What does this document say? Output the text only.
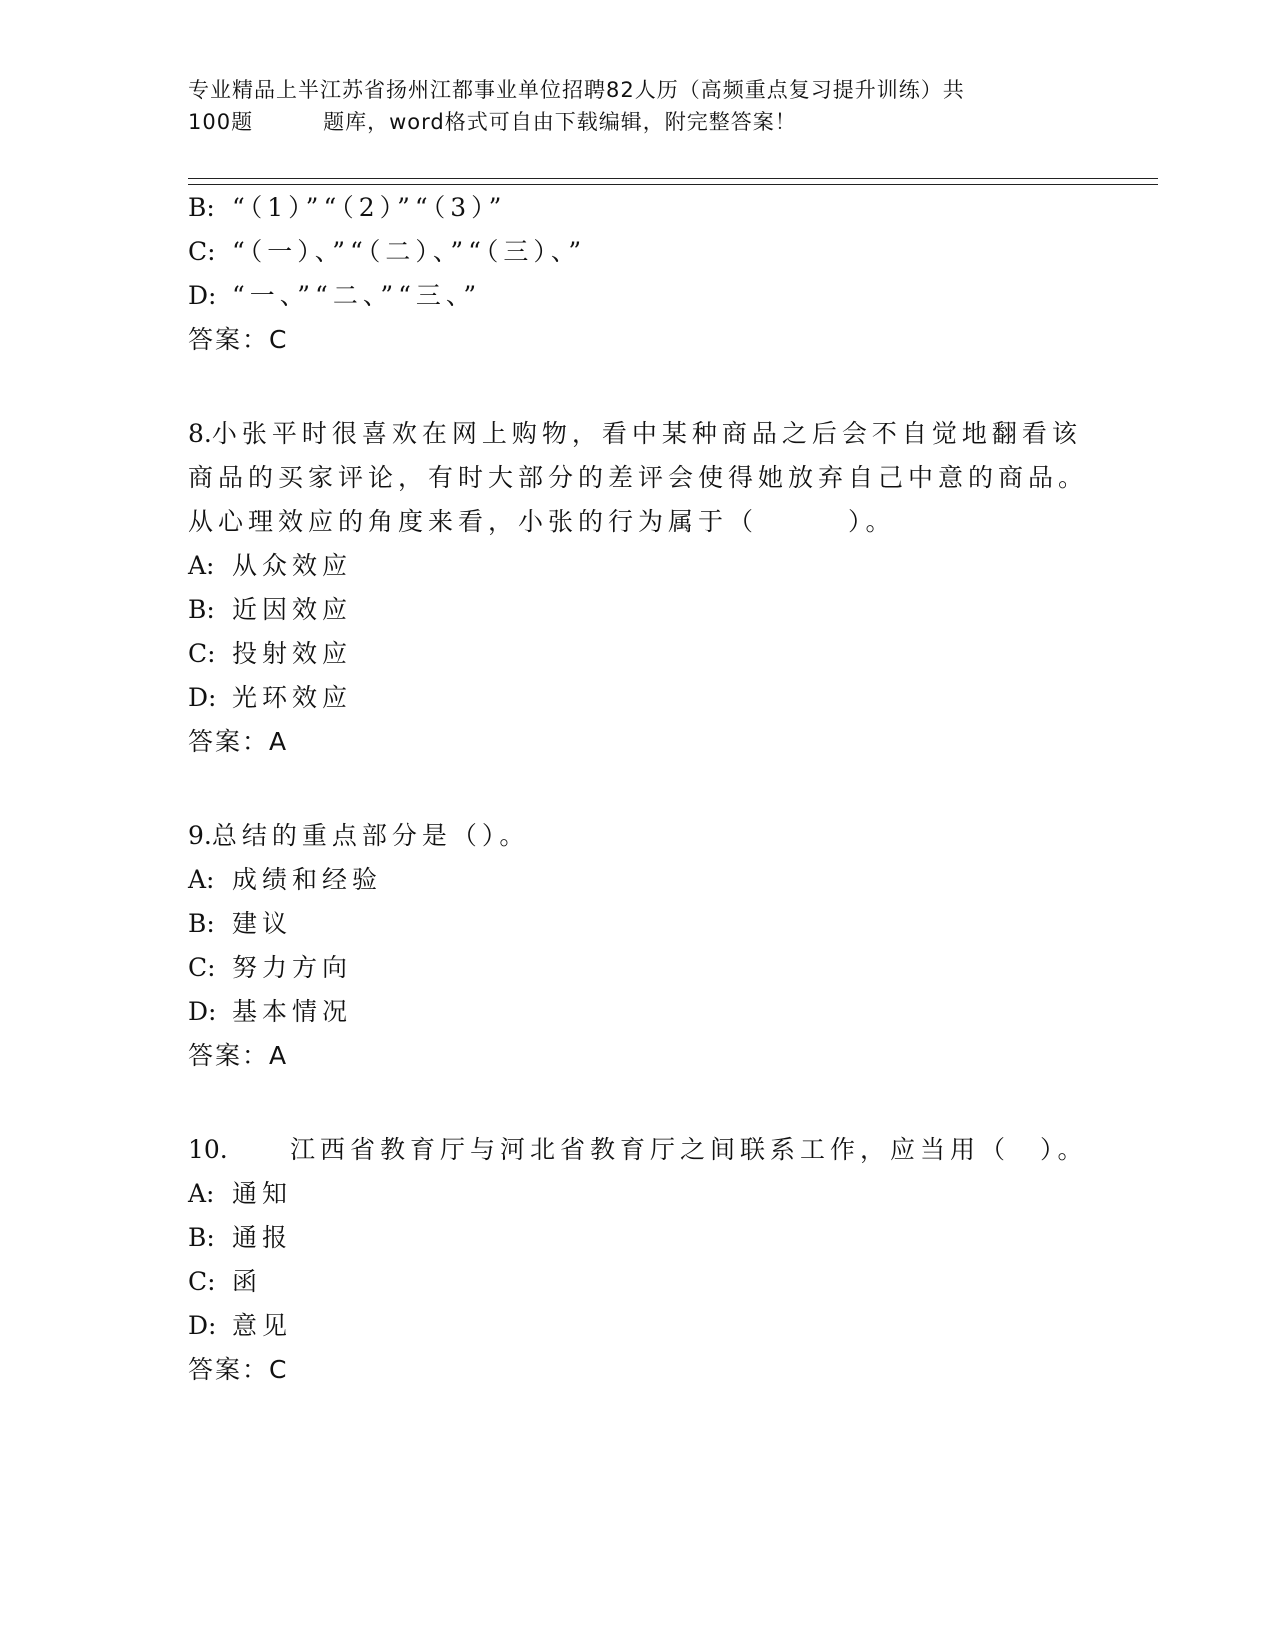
专业精品上半江苏省扬州江都事业单位招聘82人历（高频重点复习提升训练）共
100题	题库，word格式可自由下载编辑，附完整答案！
B: “（1）”“（2）”“（3）”
C: “（一）、”“（二）、”“（三）、”
D: “一、”“二、”“三、”
答案：C
8.小张平时很喜欢在网上购物，看中某种商品之后会不自觉地翻看该
商品的买家评论，有时大部分的差评会使得她放弃自己中意的商品。
从心理效应的角度来看，小张的行为属于（　　　）。
A: 从众效应
B: 近因效应
C: 投射效应
D: 光环效应
答案：A
9.总结的重点部分是（）。
A: 成绩和经验
B: 建议
C: 努力方向
D: 基本情况
答案：A
10. 江西省教育厅与河北省教育厅之间联系工作，应当用（　）。
A: 通知
B: 通报
C: 函
D: 意见
答案：C
